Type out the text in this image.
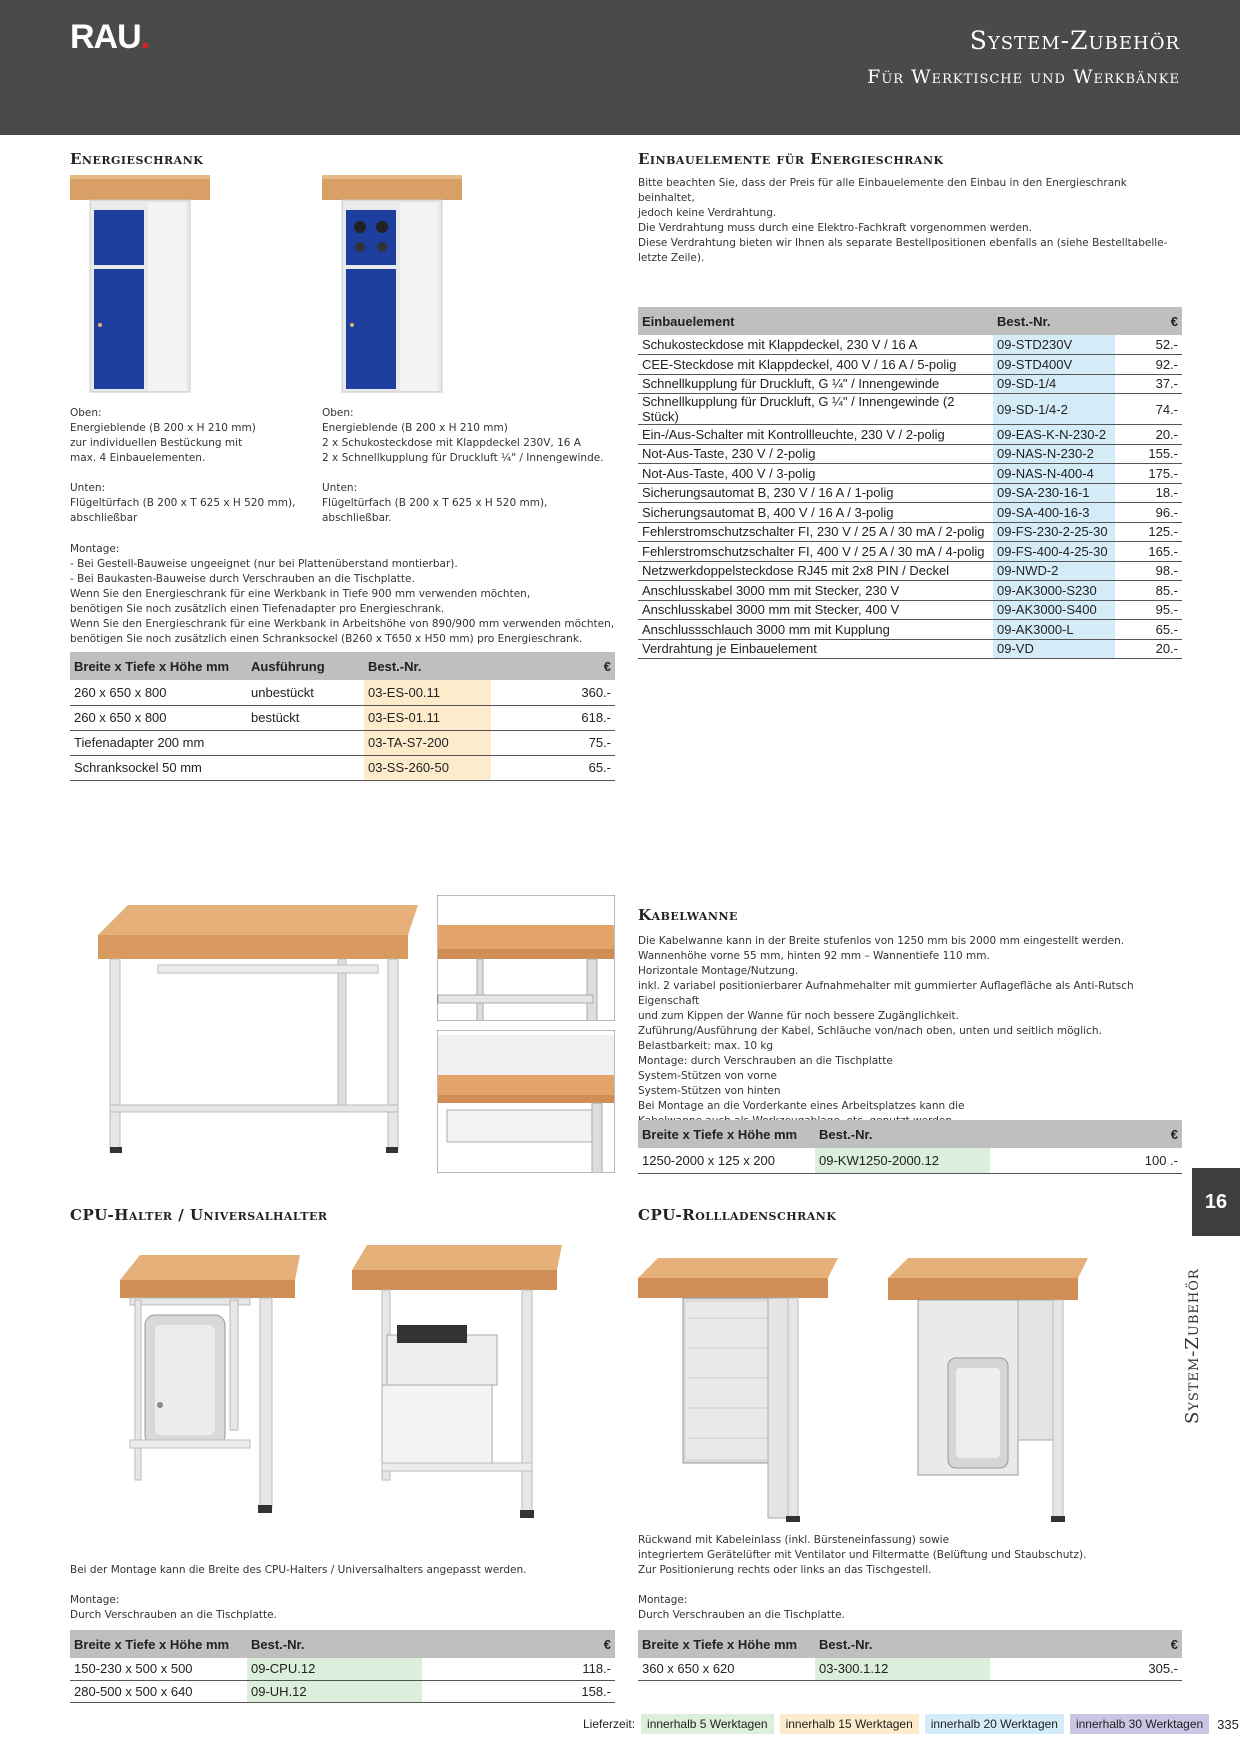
RAU.	System-Zubehör
Für Werktische und Werkbänke
Energieschrank
Oben:
Energieblende (B 200 x H 210 mm)
zur individuellen Bestückung mit
max. 4 Einbauelementen.

Unten:
Flügeltürfach (B 200 x T 625 x H 520 mm),
abschließbar
Oben:
Energieblende (B 200 x H 210 mm)
2 x Schukosteckdose mit Klappdeckel 230V, 16 A
2 x Schnellkupplung für Druckluft ¼" / Innengewinde.

Unten:
Flügeltürfach (B 200 x T 625 x H 520 mm),
abschließbar.
Montage:
- Bei Gestell-Bauweise ungeeignet (nur bei Plattenüberstand montierbar).
- Bei Baukasten-Bauweise durch Verschrauben an die Tischplatte.
Wenn Sie den Energieschrank für eine Werkbank in Tiefe 900 mm verwenden möchten,
benötigen Sie noch zusätzlich einen Tiefenadapter pro Energieschrank.
Wenn Sie den Energieschrank für eine Werkbank in Arbeitshöhe von 890/900 mm verwenden möchten,
benötigen Sie noch zusätzlich einen Schranksockel (B260 x T650 x H50 mm) pro Energieschrank.
Breite x Tiefe x Höhe mm	Ausführung	Best.-Nr.	€
260 x 650 x 800	unbestückt	03-ES-00.11	360.-
260 x 650 x 800	bestückt	03-ES-01.11	618.-
Tiefenadapter 200 mm		03-TA-S7-200	75.-
Schranksockel 50 mm		03-SS-260-50	65.-
Einbauelemente für Energieschrank
Bitte beachten Sie, dass der Preis für alle Einbauelemente den Einbau in den Energieschrank beinhaltet,
jedoch keine Verdrahtung.
Die Verdrahtung muss durch eine Elektro-Fachkraft vorgenommen werden.
Diese Verdrahtung bieten wir Ihnen als separate Bestellpositionen ebenfalls an (siehe Bestelltabelle- letzte Zeile).
Einbauelement	Best.-Nr.	€
Schukosteckdose mit Klappdeckel, 230 V / 16 A	09-STD230V	52.-
CEE-Steckdose mit Klappdeckel, 400 V / 16 A / 5-polig	09-STD400V	92.-
Schnellkupplung für Druckluft, G ¼" / Innengewinde	09-SD-1/4	37.-
Schnellkupplung für Druckluft, G ¼" / Innengewinde (2 Stück)	09-SD-1/4-2	74.-
Ein-/Aus-Schalter mit Kontrollleuchte, 230 V / 2-polig	09-EAS-K-N-230-2	20.-
Not-Aus-Taste, 230 V / 2-polig	09-NAS-N-230-2	155.-
Not-Aus-Taste, 400 V / 3-polig	09-NAS-N-400-4	175.-
Sicherungsautomat B, 230 V / 16 A / 1-polig	09-SA-230-16-1	18.-
Sicherungsautomat B, 400 V / 16 A / 3-polig	09-SA-400-16-3	96.-
Fehlerstromschutzschalter FI, 230 V / 25 A / 30 mA / 2-polig	09-FS-230-2-25-30	125.-
Fehlerstromschutzschalter FI, 400 V / 25 A / 30 mA / 4-polig	09-FS-400-4-25-30	165.-
Netzwerkdoppelsteckdose RJ45 mit 2x8 PIN / Deckel	09-NWD-2	98.-
Anschlusskabel 3000 mm mit Stecker, 230 V	09-AK3000-S230	85.-
Anschlusskabel 3000 mm mit Stecker, 400 V	09-AK3000-S400	95.-
Anschlussschlauch 3000 mm mit Kupplung	09-AK3000-L	65.-
Verdrahtung je Einbauelement	09-VD	20.-
Kabelwanne
Die Kabelwanne kann in der Breite stufenlos von 1250 mm bis 2000 mm eingestellt werden.
Wannenhöhe vorne 55 mm, hinten 92 mm – Wannentiefe 110 mm.
Horizontale Montage/Nutzung.
inkl. 2 variabel positionierbarer Aufnahmehalter mit gummierter Auflagefläche als Anti-Rutsch Eigenschaft
und zum Kippen der Wanne für noch bessere Zugänglichkeit.
Zuführung/Ausführung der Kabel, Schläuche von/nach oben, unten und seitlich möglich.
Belastbarkeit: max. 10 kg
Montage: durch Verschrauben an die Tischplatte
System-Stützen von vorne
System-Stützen von hinten
Bei Montage an die Vorderkante eines Arbeitsplatzes kann die

Breite x Tiefe x Höhe mm	Best.-Nr.	€
1250-2000 x 125 x 200	09-KW1250-2000.12	100 .-
16
System-Zubehör
CPU-Halter / Universalhalter
Bei der Montage kann die Breite des CPU-Halters / Universalhalters angepasst werden.

Montage:
Durch Verschrauben an die Tischplatte.
Breite x Tiefe x Höhe mm	Best.-Nr.	€
150-230 x 500 x 500	09-CPU.12	118.-
280-500 x 500 x 640	09-UH.12	158.-
CPU-Rollladenschrank
Rückwand mit Kabeleinlass (inkl. Bürsteneinfassung) sowie
integriertem Gerätelüfter mit Ventilator und Filtermatte (Belüftung und Staubschutz).
Zur Positionierung rechts oder links an das Tischgestell.

Montage:
Durch Verschrauben an die Tischplatte.
Breite x Tiefe x Höhe mm	Best.-Nr.	€
360 x 650 x 620	03-300.1.12	305.-
Lieferzeit:	innerhalb 5 Werktagen	innerhalb 15 Werktagen	innerhalb 20 Werktagen	innerhalb 30 Werktagen	335
